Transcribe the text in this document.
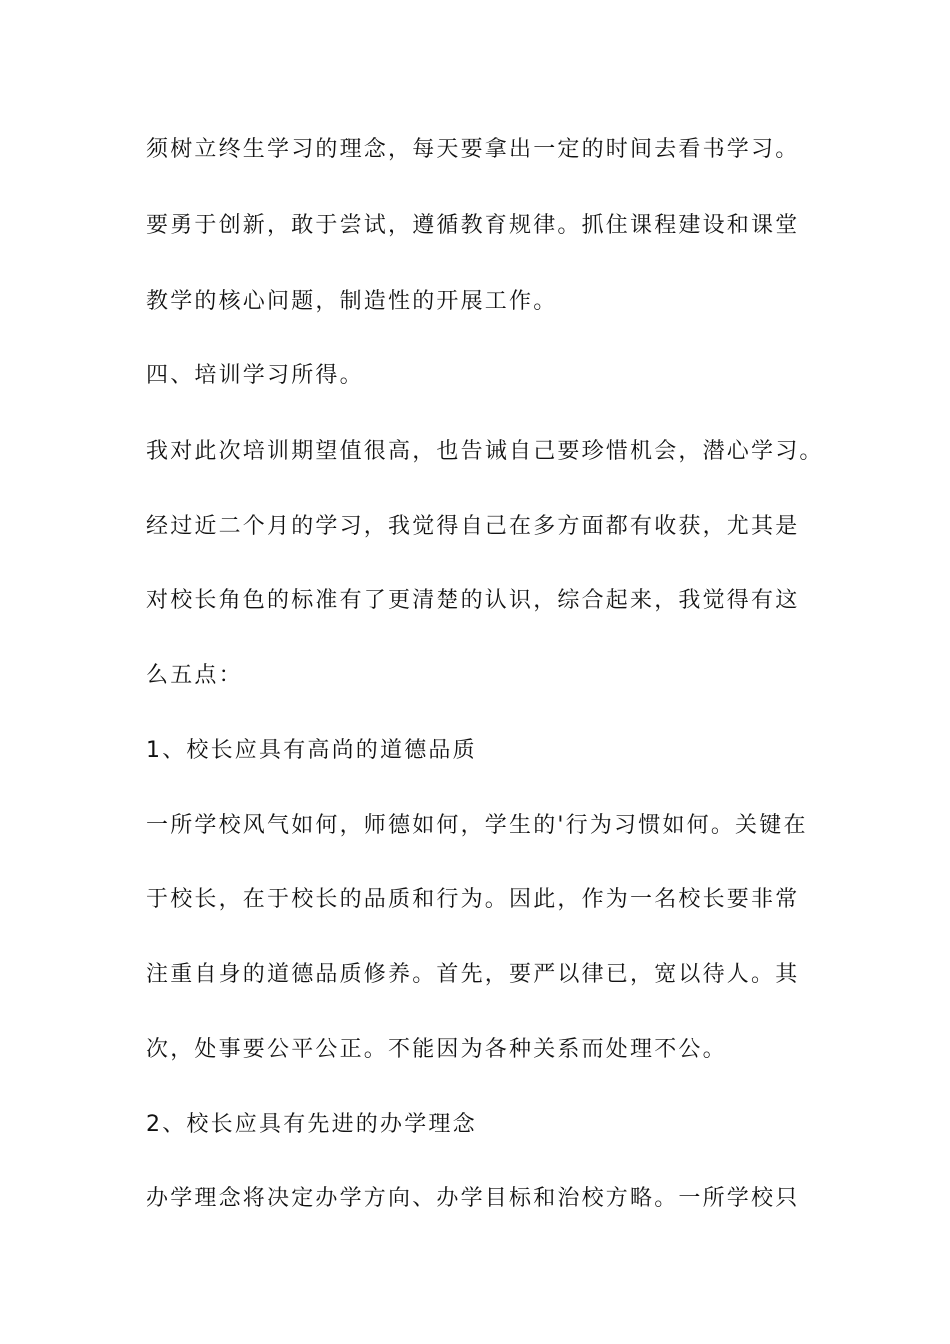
须树立终生学习的理念，每天要拿出一定的时间去看书学习。

要勇于创新，敢于尝试，遵循教育规律。抓住课程建设和课堂

教学的核心问题，制造性的开展工作。

四、培训学习所得。

我对此次培训期望值很高，也告诫自己要珍惜机会，潜心学习。

经过近二个月的学习，我觉得自己在多方面都有收获，尤其是

对校长角色的标准有了更清楚的认识，综合起来，我觉得有这

么五点：

1、校长应具有高尚的道德品质

一所学校风气如何，师德如何，学生的'行为习惯如何。关键在

于校长，在于校长的品质和行为。因此，作为一名校长要非常

注重自身的道德品质修养。首先，要严以律已，宽以待人。其

次，处事要公平公正。不能因为各种关系而处理不公。

2、校长应具有先进的办学理念

办学理念将决定办学方向、办学目标和治校方略。一所学校只
